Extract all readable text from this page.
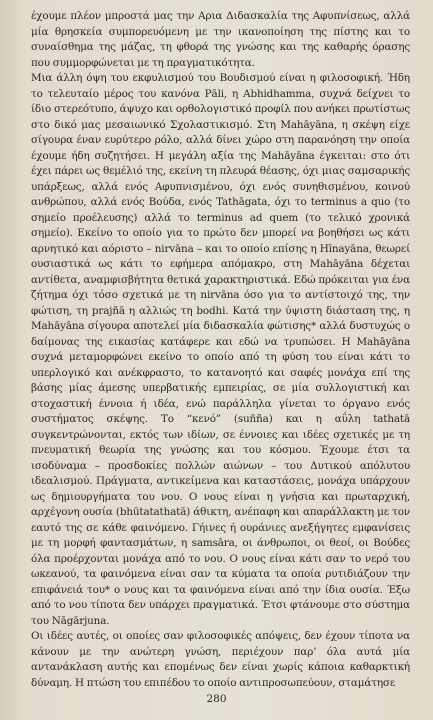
έχουμε πλέον μπροστά μας την Αρια Διδασκαλία της Αφυπνίσεως, αλλά μία θρησκεία συμπορευόμενη με την ικανοποίηση της πίστης και το συναίσθημα της μάζας, τη φθορά της γνώσης και της καθαρής όρασης που συμμορφώνεται με τη πραγματικότητα.

Μια άλλη όψη του εκφυλισμού του Βουδισμού είναι η φιλοσοφική. Ήδη το τελευταίο μέρος του κανόνα Pāli, η Abhidhamma, συχνά δείχνει το ίδιο στερεότυπο, άψυχο και ορθολογιστικό προφίλ που ανήκει πρωτίστως στο δικό μας μεσαιωνικό Σχολαστικισμό. Στη Mahāyāna, η σκέψη είχε σίγουρα έναν ευρύτερο ρόλο, αλλά δίνει χώρο στη παρανόηση την οποία έχουμε ήδη συζητήσει. Η μεγάλη αξία της Mahāyāna έγκειται: στο ότι έχει πάρει ως θεμέλιό της, εκείνη τη πλευρά θέασης, όχι μιας σαμσαρικής υπάρξεως, αλλά ενός Αφυπνισμένου, όχι ενός συνηθισμένου, κοινού ανθρώπου, αλλά ενός Βούδα, ενός Tathāgata, όχι το terminus a quo (το σημείο προέλευσης) αλλά το terminus ad quem (το τελικό χρονικά σημείο). Εκείνο το οποίο για το πρώτο δεν μπορεί να βοηθήσει ως κάτι αρνητικό και αόριστο – nirvāna – και το οποίο επίσης η Hīnayāna, θεωρεί ουσιαστικά ως κάτι το εφήμερα απόμακρο, στη Mahāyāna δέχεται αντίθετα, αναμφισβήτητα θετικά χαρακτηριστικά. Εδώ πρόκειται για ένα ζήτημα όχι τόσο σχετικά με τη nirvāna όσο για το αντίστοιχό της, την φώτιση, τη prajñā η αλλιώς τη bodhi. Κατά την ύψιστη διάσταση της, η Mahāyāna σίγουρα αποτελεί μία διδασκαλία φώτισης* αλλά δυστυχώς ο δαίμονας της εικασίας κατάφερε και εδώ να τρυπώσει. Η Mahāyāna συχνά μεταμορφώνει εκείνο το οποίο από τη φύση του είναι κάτι το υπερλογικό και ανέκφραστο, το κατανοητό και σαφές μονάχα επί της βάσης μίας άμεσης υπερβατικής εμπειρίας, σε μία συλλογιστική και στοχαστική έννοια ή ιδέα, ενώ παράλληλα γίνεται το όργανο ενός συστήματος σκέψης. Το “κενό” (suñña) και η αΰλη tathatā συγκεντρώνονται, εκτός των ιδίων, σε έννοιες και ιδέες σχετικές με τη πνευματική θεωρία της γνώσης και του κόσμου. Έχουμε έτσι τα ισοδύναμα – προσδοκίες πολλών αιώνων – του Δυτικού απόλυτου ιδεαλισμού. Πράγματα, αντικείμενα και καταστάσεις, μονάχα υπάρχουν ως δημιουργήματα του νου. Ο νους είναι η γνήσια και πρωταρχική, αρχέγονη ουσία (bhūtatathatā) άθικτη, ανέπαφη και απαράλλακτη με τον εαυτό της σε κάθε φαινόμενο. Γήινες ή ουράνιες ανεξήγητες εμφανίσεις με τη μορφή φαντασμάτων, η samsāra, οι άνθρωποι, οι θεοί, οι Βούδες όλα προέρχονται μονάχα από το νου. Ο νους είναι κάτι σαν το νερό του ωκεανού, τα φαινόμενα είναι σαν τα κύματα τα οποία ρυτιδιάζουν την επιφάνειά του* ο νους και τα φαινόμενα είναι από την ίδια ουσία. Έξω από το νου τίποτα δεν υπάρχει πραγματικά. Έτσι φτάνουμε στο σύστημα του Nāgārjuna.

Οι ιδέες αυτές, οι οποίες σαν φιλοσοφικές απόψεις, δεν έχουν τίποτα να κάνουν με την ανώτερη γνώση, περιέχουν παρ’ όλα αυτά μία αντανάκλαση αυτής και επομένως δεν είναι χωρίς κάποια καθαρκτική δύναμη. Η πτώση του επιπέδου το οποίο αντιπροσωπεύουν, σταμάτησε

280
